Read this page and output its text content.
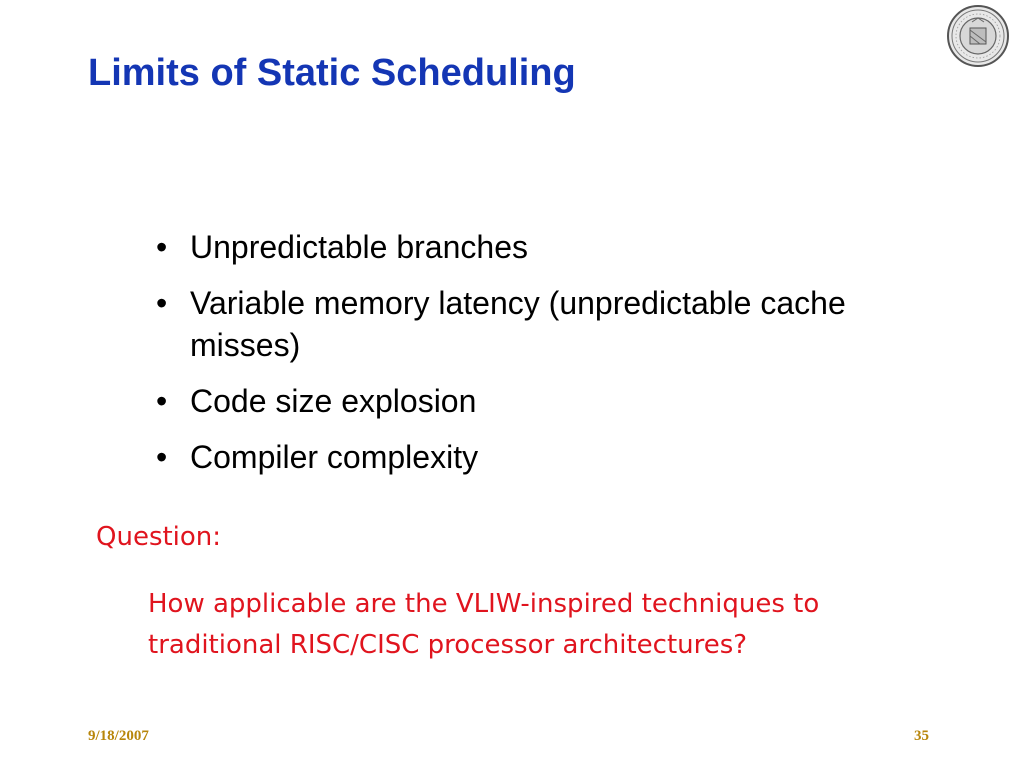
Limits of Static Scheduling
• Unpredictable branches
• Variable memory latency (unpredictable cache misses)
• Code size explosion
• Compiler complexity
Question:
How applicable are the VLIW-inspired techniques to traditional RISC/CISC processor architectures?
9/18/2007	35
